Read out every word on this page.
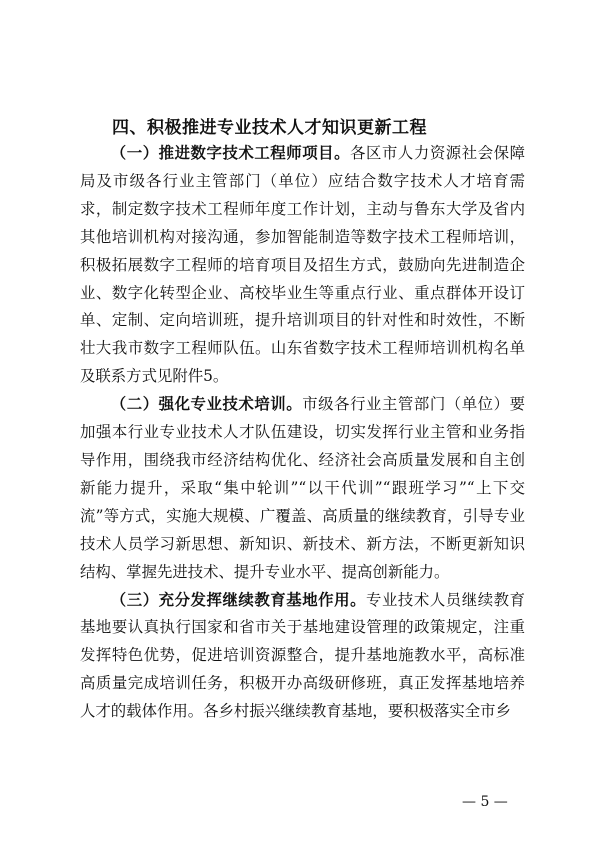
四、积极推进专业技术人才知识更新工程

（一）推进数字技术工程师项目。各区市人力资源社会保障局及市级各行业主管部门（单位）应结合数字技术人才培育需求，制定数字技术工程师年度工作计划，主动与鲁东大学及省内其他培训机构对接沟通，参加智能制造等数字技术工程师培训，积极拓展数字工程师的培育项目及招生方式，鼓励向先进制造企业、数字化转型企业、高校毕业生等重点行业、重点群体开设订单、定制、定向培训班，提升培训项目的针对性和时效性，不断壮大我市数字工程师队伍。山东省数字技术工程师培训机构名单及联系方式见附件5。

（二）强化专业技术培训。市级各行业主管部门（单位）要加强本行业专业技术人才队伍建设，切实发挥行业主管和业务指导作用，围绕我市经济结构优化、经济社会高质量发展和自主创新能力提升，采取“集中轮训”“以干代训”“跟班学习”“上下交流”等方式，实施大规模、广覆盖、高质量的继续教育，引导专业技术人员学习新思想、新知识、新技术、新方法，不断更新知识结构、掌握先进技术、提升专业水平、提高创新能力。

（三）充分发挥继续教育基地作用。专业技术人员继续教育基地要认真执行国家和省市关于基地建设管理的政策规定，注重发挥特色优势，促进培训资源整合，提升基地施教水平，高标准高质量完成培训任务，积极开办高级研修班，真正发挥基地培养人才的载体作用。各乡村振兴继续教育基地，要积极落实全市乡

— 5 —
